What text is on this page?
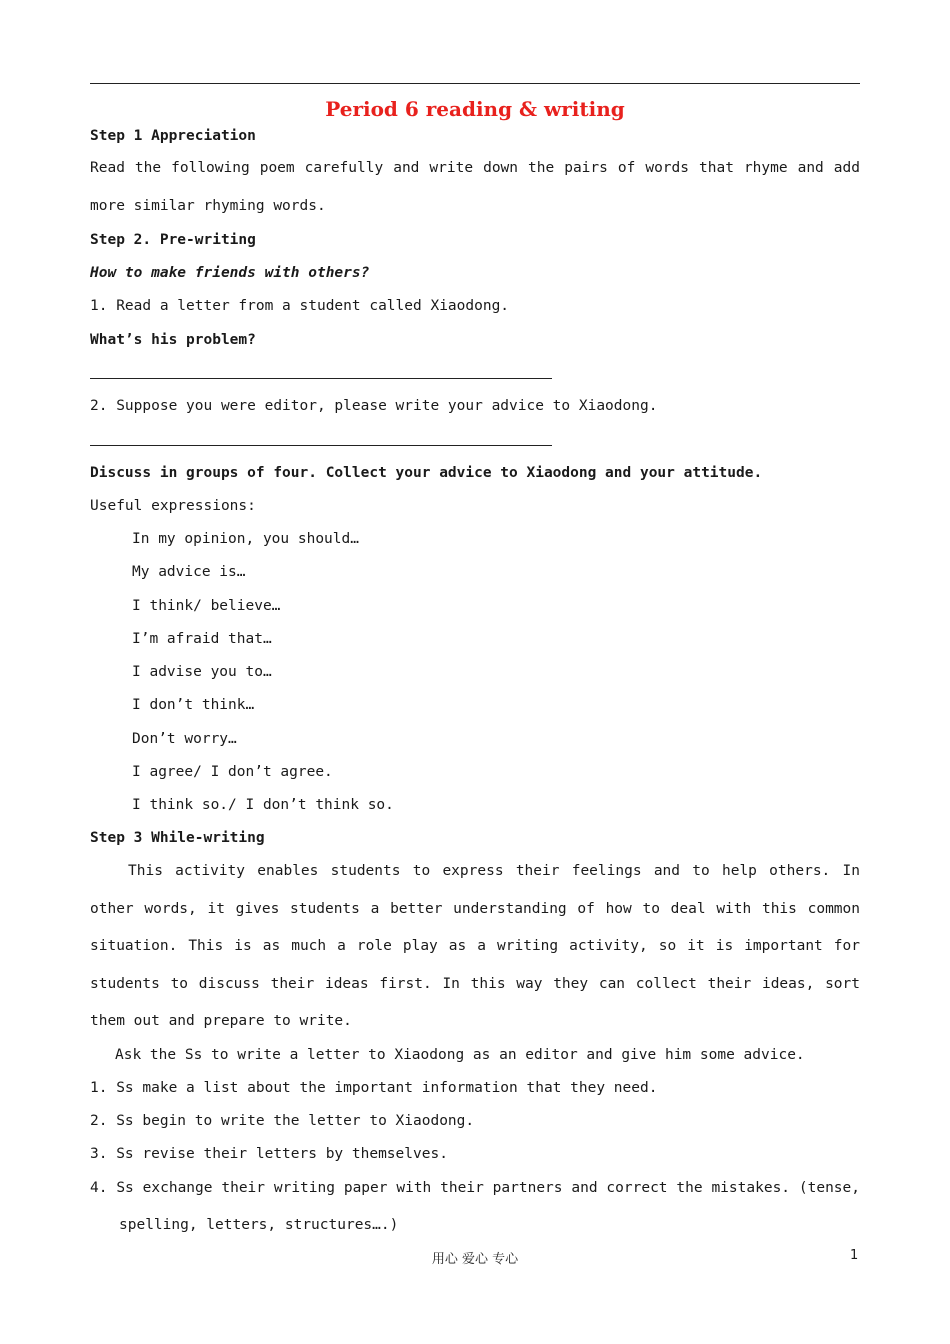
Period 6 reading & writing
Step 1 Appreciation
Read the following poem carefully and write down the pairs of words that rhyme and add more similar rhyming words.
Step 2. Pre-writing
How to make friends with others?
1. Read a letter from a student called Xiaodong.
What’s his problem?
2. Suppose you were editor, please write your advice to Xiaodong.
Discuss in groups of four. Collect your advice to Xiaodong and your attitude.
Useful expressions:
In my opinion, you should…
My advice is…
I think/ believe…
I’m afraid that…
I advise you to…
I don’t think…
Don’t worry…
I agree/ I don’t agree.
I think so./ I don’t think so.
Step 3 While-writing
This activity enables students to express their feelings and to help others. In other words, it gives students a better understanding of how to deal with this common situation. This is as much a role play as a writing activity, so it is important for students to discuss their ideas first. In this way they can collect their ideas, sort them out and prepare to write.
Ask the Ss to write a letter to Xiaodong as an editor and give him some advice.
1. Ss make a list about the important information that they need.
2. Ss begin to write the letter to Xiaodong.
3. Ss revise their letters by themselves.
4. Ss exchange their writing paper with their partners and correct the mistakes. (tense,
spelling, letters, structures….)
用心 爱心 专心	1
